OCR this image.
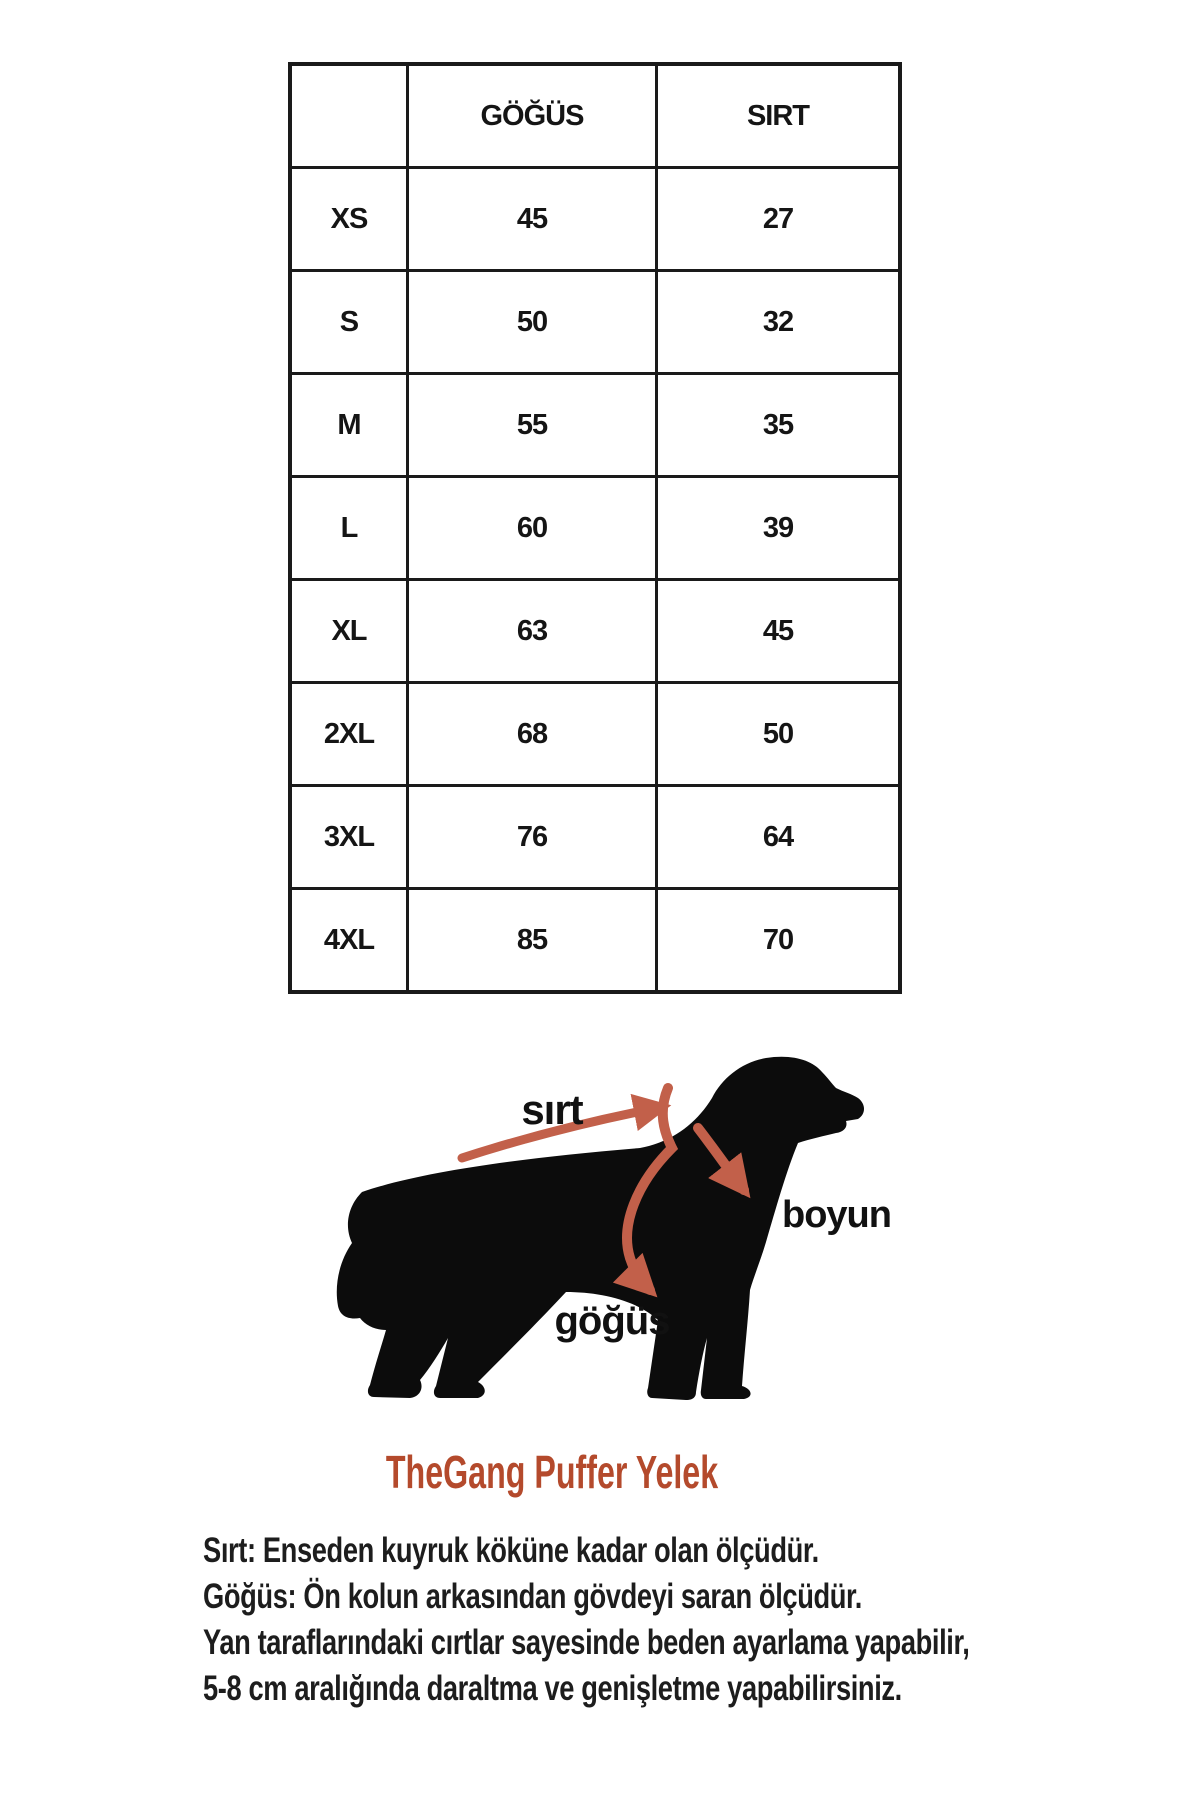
	GÖĞÜS	SIRT
XS	45	27
S	50	32
M	55	35
L	60	39
XL	63	45
2XL	68	50
3XL	76	64
4XL	85	70
sırt
boyun
göğüs
TheGang Puffer Yelek
Sırt: Enseden kuyruk köküne kadar olan ölçüdür.
Göğüs: Ön kolun arkasından gövdeyi saran ölçüdür.
Yan taraflarındaki cırtlar sayesinde beden ayarlama yapabilir,
5-8 cm aralığında daraltma ve genişletme yapabilirsiniz.
